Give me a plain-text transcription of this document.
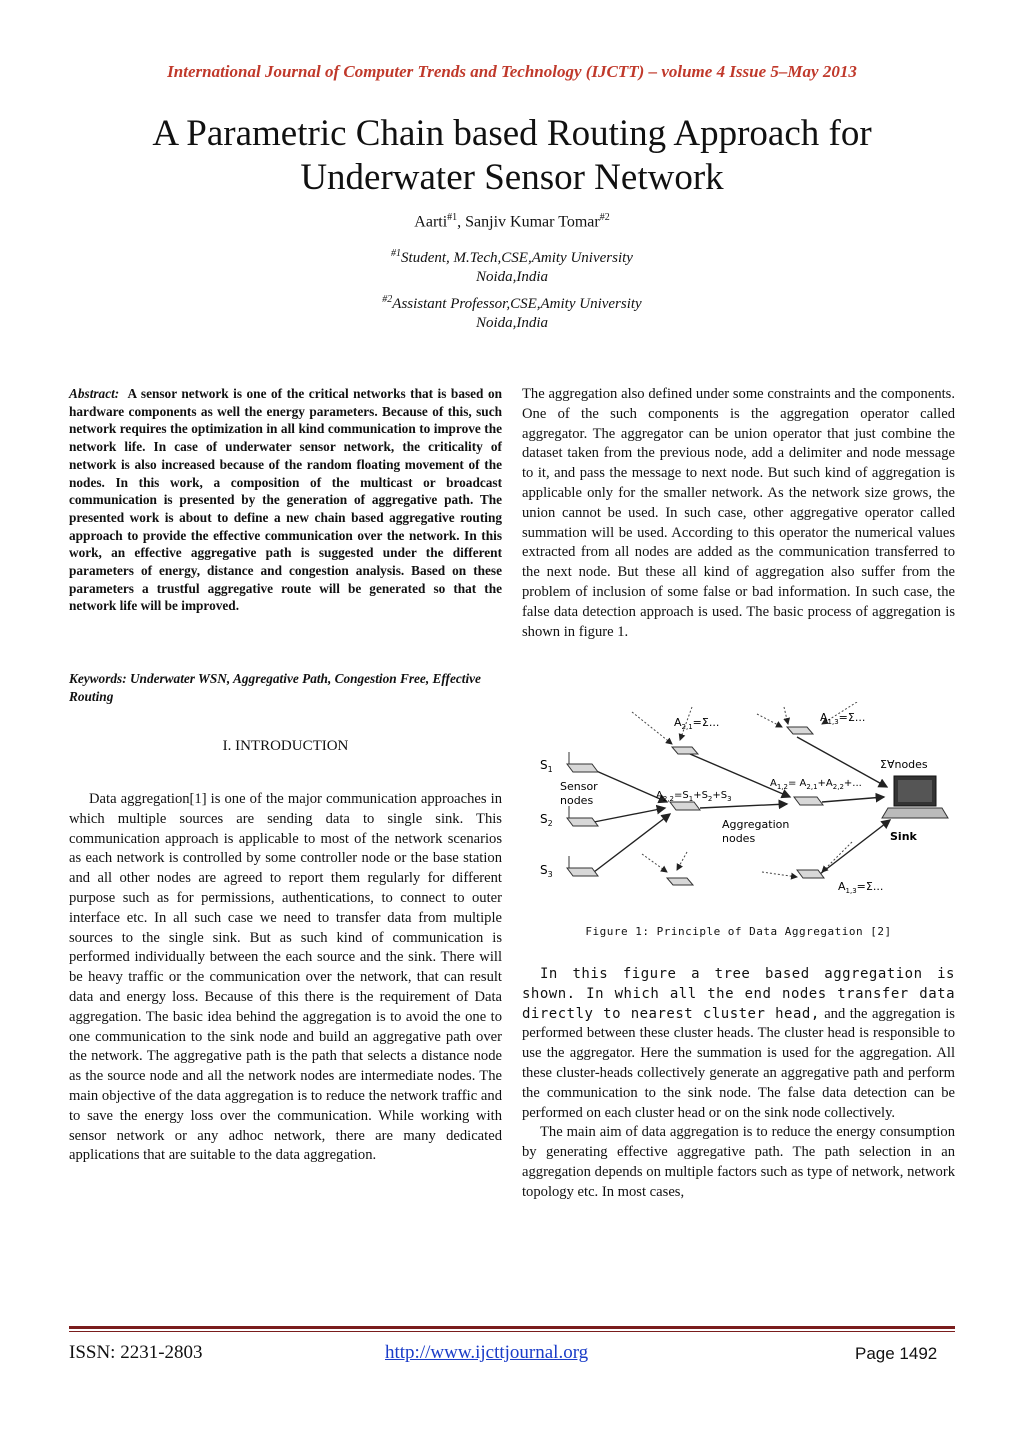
International Journal of Computer Trends and Technology (IJCTT) – volume 4 Issue 5–May 2013
A Parametric Chain based Routing Approach for
Underwater Sensor Network
Aarti$^{\#1}$, Sanjiv Kumar Tomar$^{\#2}$
$^{\#1}$Student, M.Tech,CSE,Amity University
Noida,India
$^{\#2}$Assistant Professor,CSE,Amity University
Noida,India
Abstract: A sensor network is one of the critical networks that is based on hardware components as well the energy parameters. Because of this, such network requires the optimization in all kind communication to improve the network life. In case of underwater sensor network, the criticality of network is also increased because of the random floating movement of the nodes. In this work, a composition of the multicast or broadcast communication is presented by the generation of aggregative path. The presented work is about to define a new chain based aggregative routing approach to provide the effective communication over the network. In this work, an effective aggregative path is suggested under the different parameters of energy, distance and congestion analysis. Based on these parameters a trustful aggregative route will be generated so that the network life will be improved.
Keywords: Underwater WSN, Aggregative Path, Congestion Free, Effective Routing
I. INTRODUCTION
Data aggregation[1] is one of the major communication approaches in which multiple sources are sending data to single sink. This communication approach is applicable to most of the network scenarios as each network is controlled by some controller node or the base station and all other nodes are agreed to report them regularly for different purpose such as for permissions, authentications, to connect to outer interface etc. In all such case we need to transfer data from multiple sources to the single sink. But as such kind of communication is performed individually between the each source and the sink. There will be heavy traffic or the communication over the network, that can result data and energy loss. Because of this there is the requirement of Data aggregation. The basic idea behind the aggregation is to avoid the one to one communication to the sink node and build an aggregative path over the network. The aggregative path is the path that selects a distance node as the source node and all the network nodes are intermediate nodes. The main objective of the data aggregation is to reduce the network traffic and to save the energy loss over the communication. While working with sensor network or any adhoc network, there are many dedicated applications that are suitable to the data aggregation.
The aggregation also defined under some constraints and the components. One of the such components is the aggregation operator called aggregator. The aggregator can be union operator that just combine the dataset taken from the previous node, add a delimiter and node message to it, and pass the message to next node. But such kind of aggregation is applicable only for the smaller network. As the network size grows, the union cannot be used. In such case, other aggregative operator called summation will be used. According to this operator the numerical values extracted from all nodes are added as the communication transferred to the next node. But these all kind of aggregation also suffer from the problem of inclusion of some false or bad information. In such case, the false data detection approach is used. The basic process of aggregation is shown in figure 1.
$S_1$
$S_2$
$S_3$
Sensor
nodes
Aggregation
nodes
$A_{2,1}=\Sigma$...	$A_{1,3}=\Sigma$...
$A_{2,2}=S_1+S_2+S_3$
$A_{1,2}= A_{2,1}+A_{2,2}+$...
$A_{1,3}=\Sigma$...
Σ∀nodes
Sink
Figure 1: Principle of Data Aggregation [2]

In this figure a tree based aggregation is shown. In which all the end nodes transfer data directly to nearest cluster head, and the aggregation is performed between these cluster heads. The cluster head is responsible to use the aggregator. Here the summation is used for the aggregation. All these cluster-heads collectively generate an aggregative path and perform the communication to the sink node. The false data detection can be performed on each cluster head or on the sink node collectively.

The main aim of data aggregation is to reduce the energy consumption by generating effective aggregative path. The path selection in an aggregation depends on multiple factors such as type of network, network topology etc. In most cases,

ISSN: 2231-2803	http://www.ijcttjournal.org	Page 1492
